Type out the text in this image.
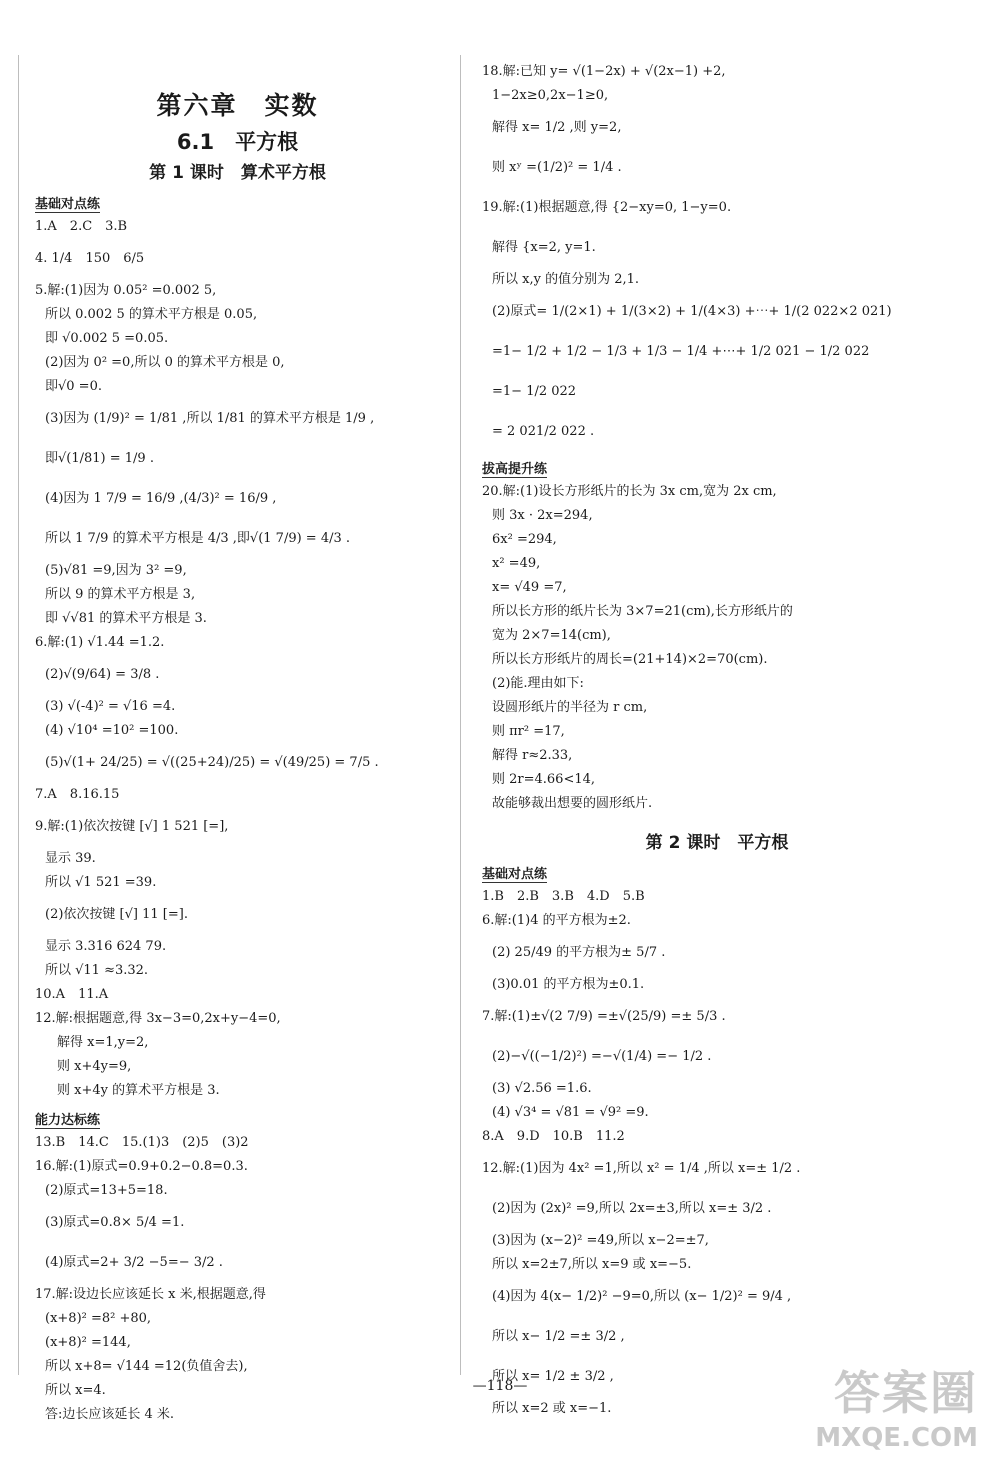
第六章　实数
6.1　平方根
第 1 课时　算术平方根
基础对点练

1.A　2.C　3.B
4. 1/4　150　6/5
5.解:(1)因为 0.05² =0.002 5,
所以 0.002 5 的算术平方根是 0.05,
即 √0.002 5 =0.05.
(2)因为 0² =0,所以 0 的算术平方根是 0,
即√0 =0.
(3)因为 (1/9)² = 1/81 ,所以 1/81 的算术平方根是 1/9 ,
即√(1/81) = 1/9 .
(4)因为 1 7/9 = 16/9 ,(4/3)² = 16/9 ,
所以 1 7/9 的算术平方根是 4/3 ,即√(1 7/9) = 4/3 .
(5)√81 =9,因为 3² =9,
所以 9 的算术平方根是 3,
即 √√81 的算术平方根是 3.
6.解:(1) √1.44 =1.2.
(2)√(9/64) = 3/8 .
(3) √(-4)² = √16 =4.
(4) √10⁴ =10² =100.
(5)√(1+ 24/25) = √((25+24)/25) = √(49/25) = 7/5 .
7.A　8.16.15
9.解:(1)依次按键 [√] 1 521 [=],
显示 39.
所以 √1 521 =39.
(2)依次按键 [√] 11 [=].
显示 3.316 624 79.
所以 √11 ≈3.32.
10.A　11.A
12.解:根据题意,得 3x−3=0,2x+y−4=0,
解得 x=1,y=2,
则 x+4y=9,
则 x+4y 的算术平方根是 3.
能力达标练

13.B　14.C　15.(1)3　(2)5　(3)2
16.解:(1)原式=0.9+0.2−0.8=0.3.
(2)原式=13+5=18.
(3)原式=0.8× 5/4 =1.
(4)原式=2+ 3/2 −5=− 3/2 .
17.解:设边长应该延长 x 米,根据题意,得
(x+8)² =8² +80,
(x+8)² =144,
所以 x+8= √144 =12(负值舍去),
所以 x=4.
答:边长应该延长 4 米.
18.解:已知 y= √(1−2x) + √(2x−1) +2,
1−2x≥0,2x−1≥0,
解得 x= 1/2 ,则 y=2,
则 xʸ =(1/2)² = 1/4 .
19.解:(1)根据题意,得 {2−xy=0, 1−y=0.
解得 {x=2, y=1.
所以 x,y 的值分别为 2,1.
(2)原式= 1/(2×1) + 1/(3×2) + 1/(4×3) +⋯+ 1/(2 022×2 021)
=1− 1/2 + 1/2 − 1/3 + 1/3 − 1/4 +⋯+ 1/2 021 − 1/2 022
=1− 1/2 022
= 2 021/2 022 .
拔高提升练

20.解:(1)设长方形纸片的长为 3x cm,宽为 2x cm,
则 3x · 2x=294,
6x² =294,
x² =49,
x= √49 =7,
所以长方形的纸片长为 3×7=21(cm),长方形纸片的
宽为 2×7=14(cm),
所以长方形纸片的周长=(21+14)×2=70(cm).
(2)能.理由如下:
设圆形纸片的半径为 r cm,
则 πr² =17,
解得 r≈2.33,
则 2r=4.66<14,
故能够裁出想要的圆形纸片.
第 2 课时　平方根
基础对点练

1.B　2.B　3.B　4.D　5.B
6.解:(1)4 的平方根为±2.
(2) 25/49 的平方根为± 5/7 .
(3)0.01 的平方根为±0.1.
7.解:(1)±√(2 7/9) =±√(25/9) =± 5/3 .
(2)−√((−1/2)²) =−√(1/4) =− 1/2 .
(3) √2.56 =1.6.
(4) √3⁴ = √81 = √9² =9.
8.A　9.D　10.B　11.2
12.解:(1)因为 4x² =1,所以 x² = 1/4 ,所以 x=± 1/2 .
(2)因为 (2x)² =9,所以 2x=±3,所以 x=± 3/2 .
(3)因为 (x−2)² =49,所以 x−2=±7,
所以 x=2±7,所以 x=9 或 x=−5.
(4)因为 4(x− 1/2)² −9=0,所以 (x− 1/2)² = 9/4 ,
所以 x− 1/2 =± 3/2 ,
所以 x= 1/2 ± 3/2 ,
所以 x=2 或 x=−1.
—118—	答案圈
MXQE.COM
